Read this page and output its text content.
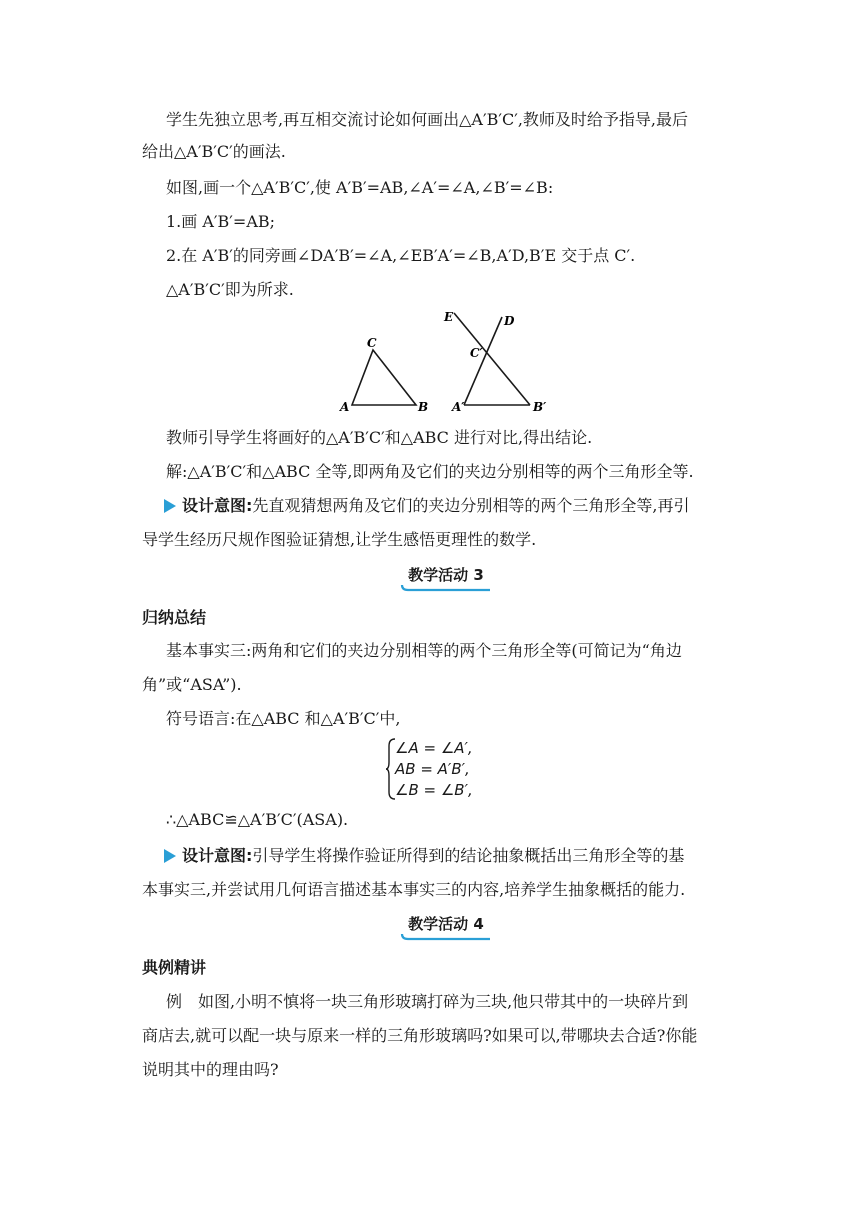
学生先独立思考,再互相交流讨论如何画出△A′B′C′,教师及时给予指导,最后
给出△A′B′C′的画法.
如图,画一个△A′B′C′,使 A′B′=AB,∠A′=∠A,∠B′=∠B:
1.画 A′B′=AB;
2.在 A′B′的同旁画∠DA′B′=∠A,∠EB′A′=∠B,A′D,B′E 交于点 C′.
△A′B′C′即为所求.
A	B
C
A′	B′
C′
D
E
教师引导学生将画好的△A′B′C′和△ABC 进行对比,得出结论.
解:△A′B′C′和△ABC 全等,即两角及它们的夹边分别相等的两个三角形全等.
设计意图:先直观猜想两角及它们的夹边分别相等的两个三角形全等,再引
导学生经历尺规作图验证猜想,让学生感悟更理性的数学.
教学活动 3
归纳总结
基本事实三:两角和它们的夹边分别相等的两个三角形全等(可简记为“角边
角”或“ASA”).
符号语言:在△ABC 和△A′B′C′中,
∠A = ∠A′,
AB = A′B′,
∠B = ∠B′,
∴△ABC≌△A′B′C′(ASA).
设计意图:引导学生将操作验证所得到的结论抽象概括出三角形全等的基
本事实三,并尝试用几何语言描述基本事实三的内容,培养学生抽象概括的能力.
教学活动 4
典例精讲
例　如图,小明不慎将一块三角形玻璃打碎为三块,他只带其中的一块碎片到
商店去,就可以配一块与原来一样的三角形玻璃吗?如果可以,带哪块去合适?你能
说明其中的理由吗?
